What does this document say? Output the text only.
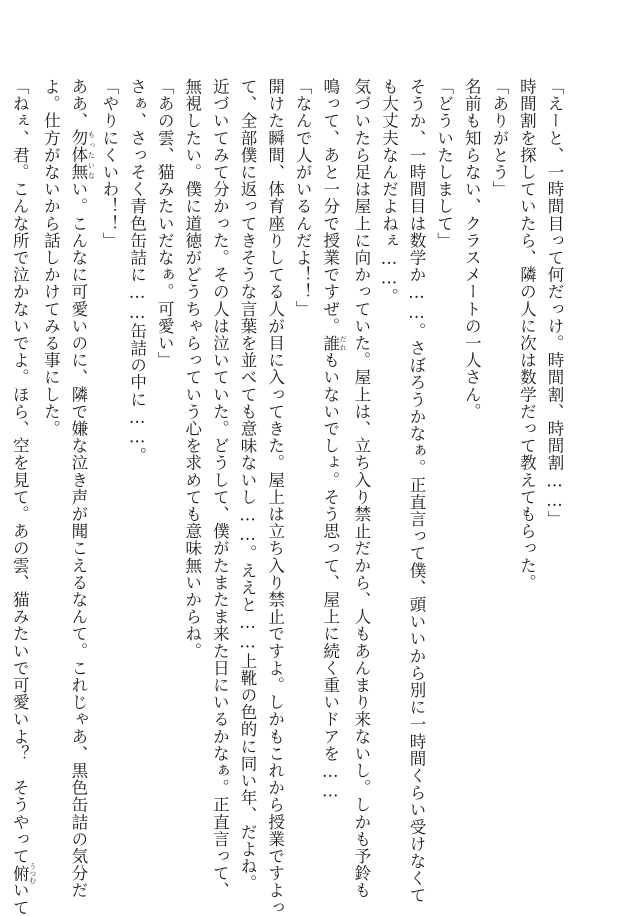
「えーと、一時間目って何だっけ。時間割、時間割……」
時間割を探していたら、隣の人に次は数学だって教えてもらった。
「ありがとう」
名前も知らない、クラスメートの一人さん。
「どういたしまして」
そうか、一時間目は数学か……。さぼろうかなぁ。正直言って僕、頭いいから別に一時間くらい受けなくて
も大丈夫なんだよねぇ……。
気づいたら足は屋上に向かっていた。屋上は、立ち入り禁止だから、人もあんまり来ないし。しかも予鈴も
鳴って、あと一分で授業ですぜ。誰 だれもいないでしょ。そう思って、屋上に続く重いドアを……
「なんで人がいるんだよ！！」
開けた瞬間、体育座りしてる人が目に入ってきた。屋上は立ち入り禁止ですよ。しかもこれから授業ですよっ
て、全部僕に返ってきそうな言葉を並べても意味ないし……。ええと……上靴の色的に同い年、だよね。
近づいてみて分かった。その人は泣いていた。どうして、僕がたまたま来た日にいるかなぁ。正直言って、
無視したい。僕に道徳がどうちゃらっていう心を求めても意味無いからね。
「あの雲、猫みたいだなぁ。可愛い」
さぁ、さっそく青色缶詰に……缶詰の中に……。
「やりにくいわ！！」
ああ、勿体無 もったいない。こんなに可愛いのに、隣で嫌な泣き声が聞こえるなんて。これじゃあ、黒色缶詰の気分だ
よ。仕方がないから話しかけてみる事にした。
「ねぇ、君。こんな所で泣かないでよ。ほら、空を見て。あの雲、猫みたいで可愛いよ？　そうやって俯 うつむいて
